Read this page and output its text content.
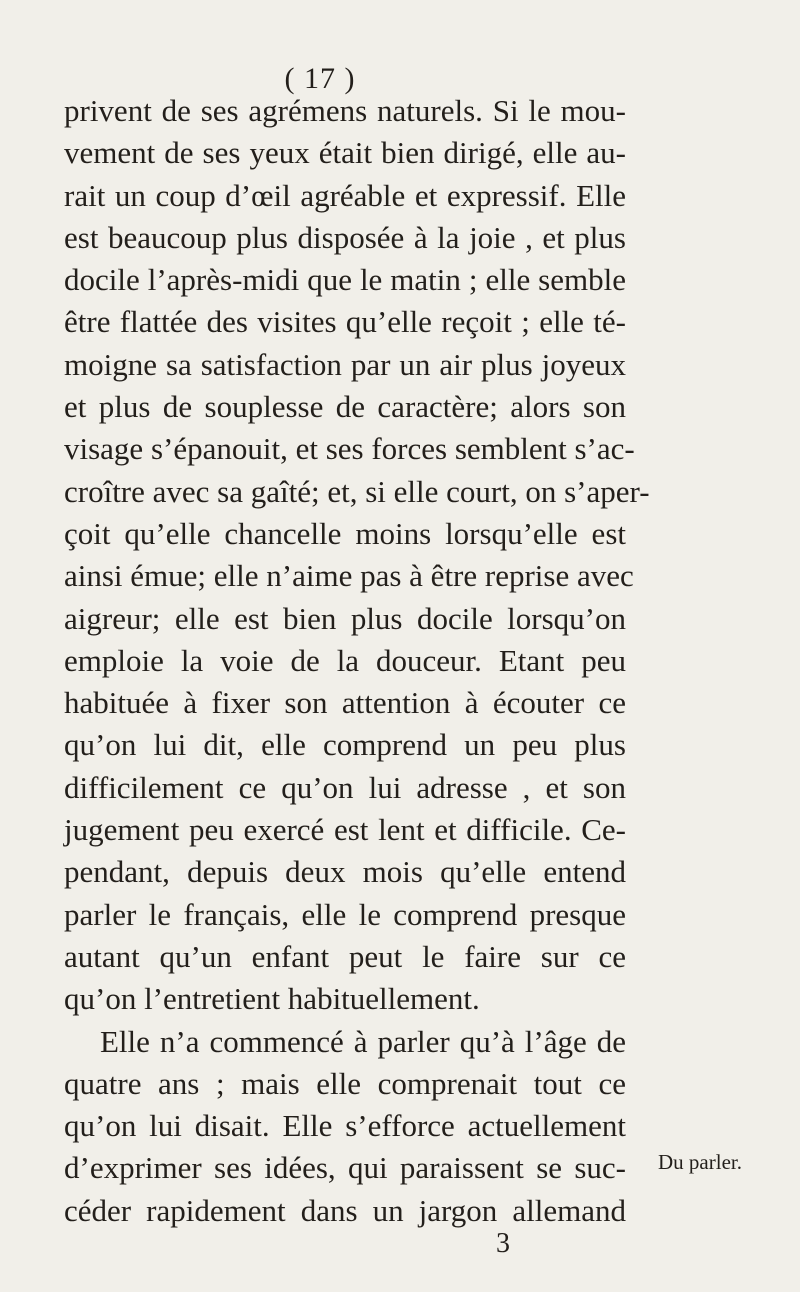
( 17 )
privent de ses agrémens naturels. Si le mou-
vement de ses yeux était bien dirigé, elle au-
rait un coup d’œil agréable et expressif. Elle
est beaucoup plus disposée à la joie , et plus
docile l’après-midi que le matin ; elle semble
être flattée des visites qu’elle reçoit ; elle té-
moigne sa satisfaction par un air plus joyeux
et plus de souplesse de caractère; alors son
visage s’épanouit, et ses forces semblent s’ac-
croître avec sa gaîté; et, si elle court, on s’aper-
çoit qu’elle chancelle moins lorsqu’elle est
ainsi émue; elle n’aime pas à être reprise avec
aigreur; elle est bien plus docile lorsqu’on
emploie la voie de la douceur. Etant peu
habituée à fixer son attention à écouter ce
qu’on lui dit, elle comprend un peu plus
difficilement ce qu’on lui adresse , et son
jugement peu exercé est lent et difficile. Ce-
pendant, depuis deux mois qu’elle entend
parler le français, elle le comprend presque
autant qu’un enfant peut le faire sur ce
qu’on l’entretient habituellement.
Elle n’a commencé à parler qu’à l’âge de
quatre ans ; mais elle comprenait tout ce
qu’on lui disait. Elle s’efforce actuellement
d’exprimer ses idées, qui paraissent se suc-
céder rapidement dans un jargon allemand
Du parler.
3
